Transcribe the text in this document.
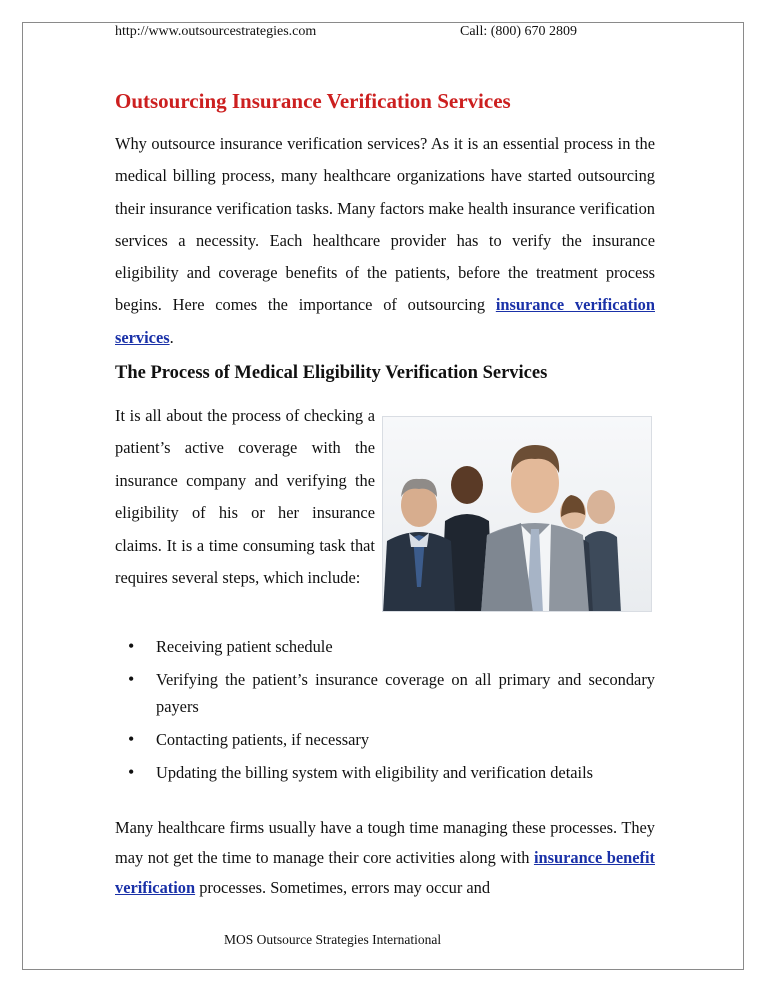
http://www.outsourcestrategies.com	Call: (800) 670 2809
Outsourcing Insurance Verification Services

Why outsource insurance verification services? As it is an essential process in the medical billing process, many healthcare organizations have started outsourcing their insurance verification tasks. Many factors make health insurance verification services a necessity. Each healthcare provider has to verify the insurance eligibility and coverage benefits of the patients, before the treatment process begins. Here comes the importance of outsourcing insurance verification services.

The Process of Medical Eligibility Verification Services

It is all about the process of checking a patient’s active coverage with the insurance company and verifying the eligibility of his or her insurance claims. It is a time consuming task that requires several steps, which include:

• Receiving patient schedule
• Verifying the patient’s insurance coverage on all primary and secondary payers
• Contacting patients, if necessary
• Updating the billing system with eligibility and verification details

Many healthcare firms usually have a tough time managing these processes. They may not get the time to manage their core activities along with insurance benefit verification processes. Sometimes, errors may occur and

MOS Outsource Strategies International
